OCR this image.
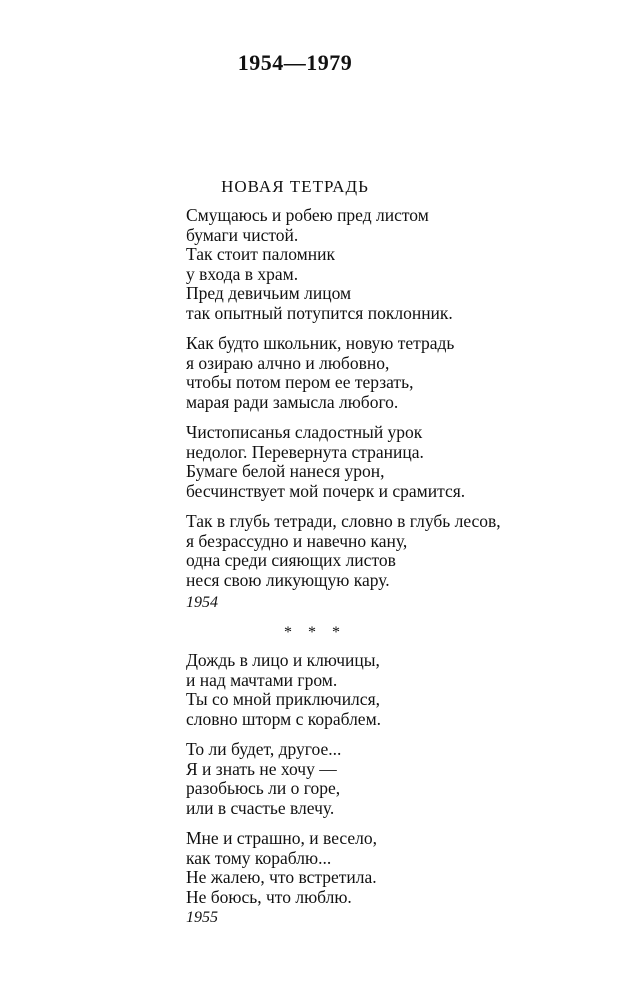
1954—1979
НОВАЯ ТЕТРАДЬ
Смущаюсь и робею пред листом
бумаги чистой.
Так стоит паломник
у входа в храм.
Пред девичьим лицом
так опытный потупится поклонник.
Как будто школьник, новую тетрадь
я озираю алчно и любовно,
чтобы потом пером ее терзать,
марая ради замысла любого.
Чистописанья сладостный урок
недолог. Перевернута страница.
Бумаге белой нанеся урон,
бесчинствует мой почерк и срамится.
Так в глубь тетради, словно в глубь лесов,
я безрассудно и навечно кану,
одна среди сияющих листов
неся свою ликующую кару.
1954
* * *
Дождь в лицо и ключицы,
и над мачтами гром.
Ты со мной приключился,
словно шторм с кораблем.
То ли будет, другое...
Я и знать не хочу —
разобьюсь ли о горе,
или в счастье влечу.
Мне и страшно, и весело,
как тому кораблю...
Не жалею, что встретила.
Не боюсь, что люблю.
1955
